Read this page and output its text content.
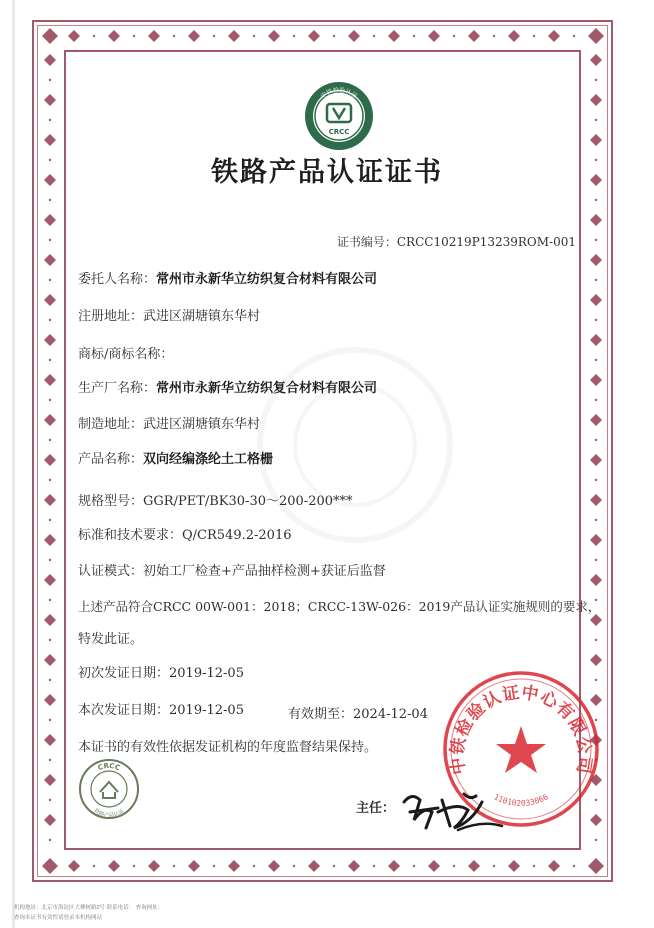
中铁检验认证
CRCC
铁路产品认证证书
证书编号：CRCC10219P13239ROM-001
委托人名称：常州市永新华立纺织复合材料有限公司
注册地址：武进区湖塘镇东华村
商标/商标名称：
生产厂名称：常州市永新华立纺织复合材料有限公司
制造地址：武进区湖塘镇东华村
产品名称：双向经编涤纶土工格栅
规格型号：GGR/PET/BK30-30～200-200***
标准和技术要求：Q/CR549.2-2016
认证模式：初始工厂检查+产品抽样检测+获证后监督
上述产品符合CRCC 00W-001：2018；CRCC-13W-026：2019产品认证实施规则的要求，
特发此证。
初次发证日期：2019-12-05
本次发证日期：2019-12-05	有效期至：2024-12-04
本证书的有效性依据发证机构的年度监督结果保持。
CRCC
铁路产品认证
中铁检验认证中心有限公司
110102033066
主任：
机构地址：北京市海淀区大柳树路2号 联系电话： 查询网址：
查询本证书有效性请登录本机构网站
